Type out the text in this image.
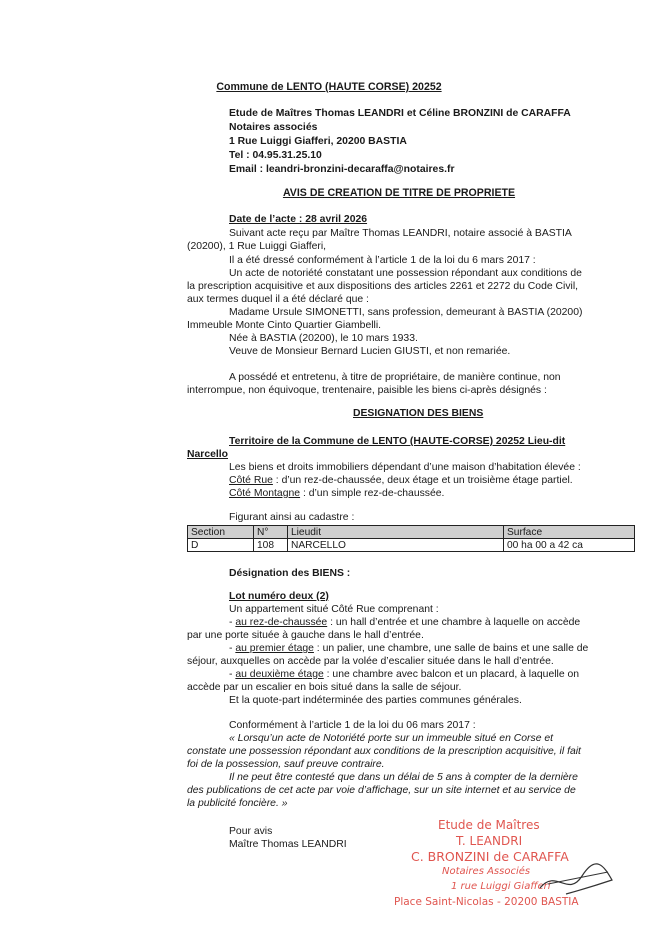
Commune de LENTO (HAUTE CORSE) 20252
Etude de Maîtres Thomas LEANDRI et Céline BRONZINI de CARAFFA
Notaires associés
1 Rue Luiggi Giafferi, 20200 BASTIA
Tel : 04.95.31.25.10
Email : leandri-bronzini-decaraffa@notaires.fr
AVIS DE CREATION DE TITRE DE PROPRIETE
Date de l’acte : 28 avril 2026
Suivant acte reçu par Maître Thomas LEANDRI, notaire associé à BASTIA
(20200), 1 Rue Luiggi Giafferi,
Il a été dressé conformément à l’article 1 de la loi du 6 mars 2017 :
Un acte de notoriété constatant une possession répondant aux conditions de
la prescription acquisitive et aux dispositions des articles 2261 et 2272 du Code Civil,
aux termes duquel il a été déclaré que :
Madame Ursule SIMONETTI, sans profession, demeurant à BASTIA (20200)
Immeuble Monte Cinto Quartier Giambelli.
Née à BASTIA (20200), le 10 mars 1933.
Veuve de Monsieur Bernard Lucien GIUSTI, et non remariée.
A possédé et entretenu, à titre de propriétaire, de manière continue, non
interrompue, non équivoque, trentenaire, paisible les biens ci-après désignés :
DESIGNATION DES BIENS
Territoire de la Commune de LENTO (HAUTE-CORSE) 20252 Lieu-dit
Narcello
Les biens et droits immobiliers dépendant d’une maison d’habitation élevée :
Côté Rue : d’un rez-de-chaussée, deux étage et un troisième étage partiel.
Côté Montagne : d’un simple rez-de-chaussée.
Figurant ainsi au cadastre :
Section	N°	Lieudit	Surface
D	108	NARCELLO	00 ha 00 a 42 ca
Désignation des BIENS :
Lot numéro deux (2)
Un appartement situé Côté Rue comprenant :
- au rez-de-chaussée : un hall d’entrée et une chambre à laquelle on accède
par une porte située à gauche dans le hall d’entrée.
- au premier étage : un palier, une chambre, une salle de bains et une salle de
séjour, auxquelles on accède par la volée d’escalier située dans le hall d’entrée.
- au deuxième étage : une chambre avec balcon et un placard, à laquelle on
accède par un escalier en bois situé dans la salle de séjour.
Et la quote-part indéterminée des parties communes générales.
Conformément à l’article 1 de la loi du 06 mars 2017 :
« Lorsqu’un acte de Notoriété porte sur un immeuble situé en Corse et
constate une possession répondant aux conditions de la prescription acquisitive, il fait
foi de la possession, sauf preuve contraire.
Il ne peut être contesté que dans un délai de 5 ans à compter de la dernière
des publications de cet acte par voie d’affichage, sur un site internet et au service de
la publicité foncière. »
Pour avis
Maître Thomas LEANDRI
Etude de Maîtres
T. LEANDRI
C. BRONZINI de CARAFFA
Notaires Associés
1 rue Luiggi Giafferi
Place Saint-Nicolas - 20200 BASTIA
